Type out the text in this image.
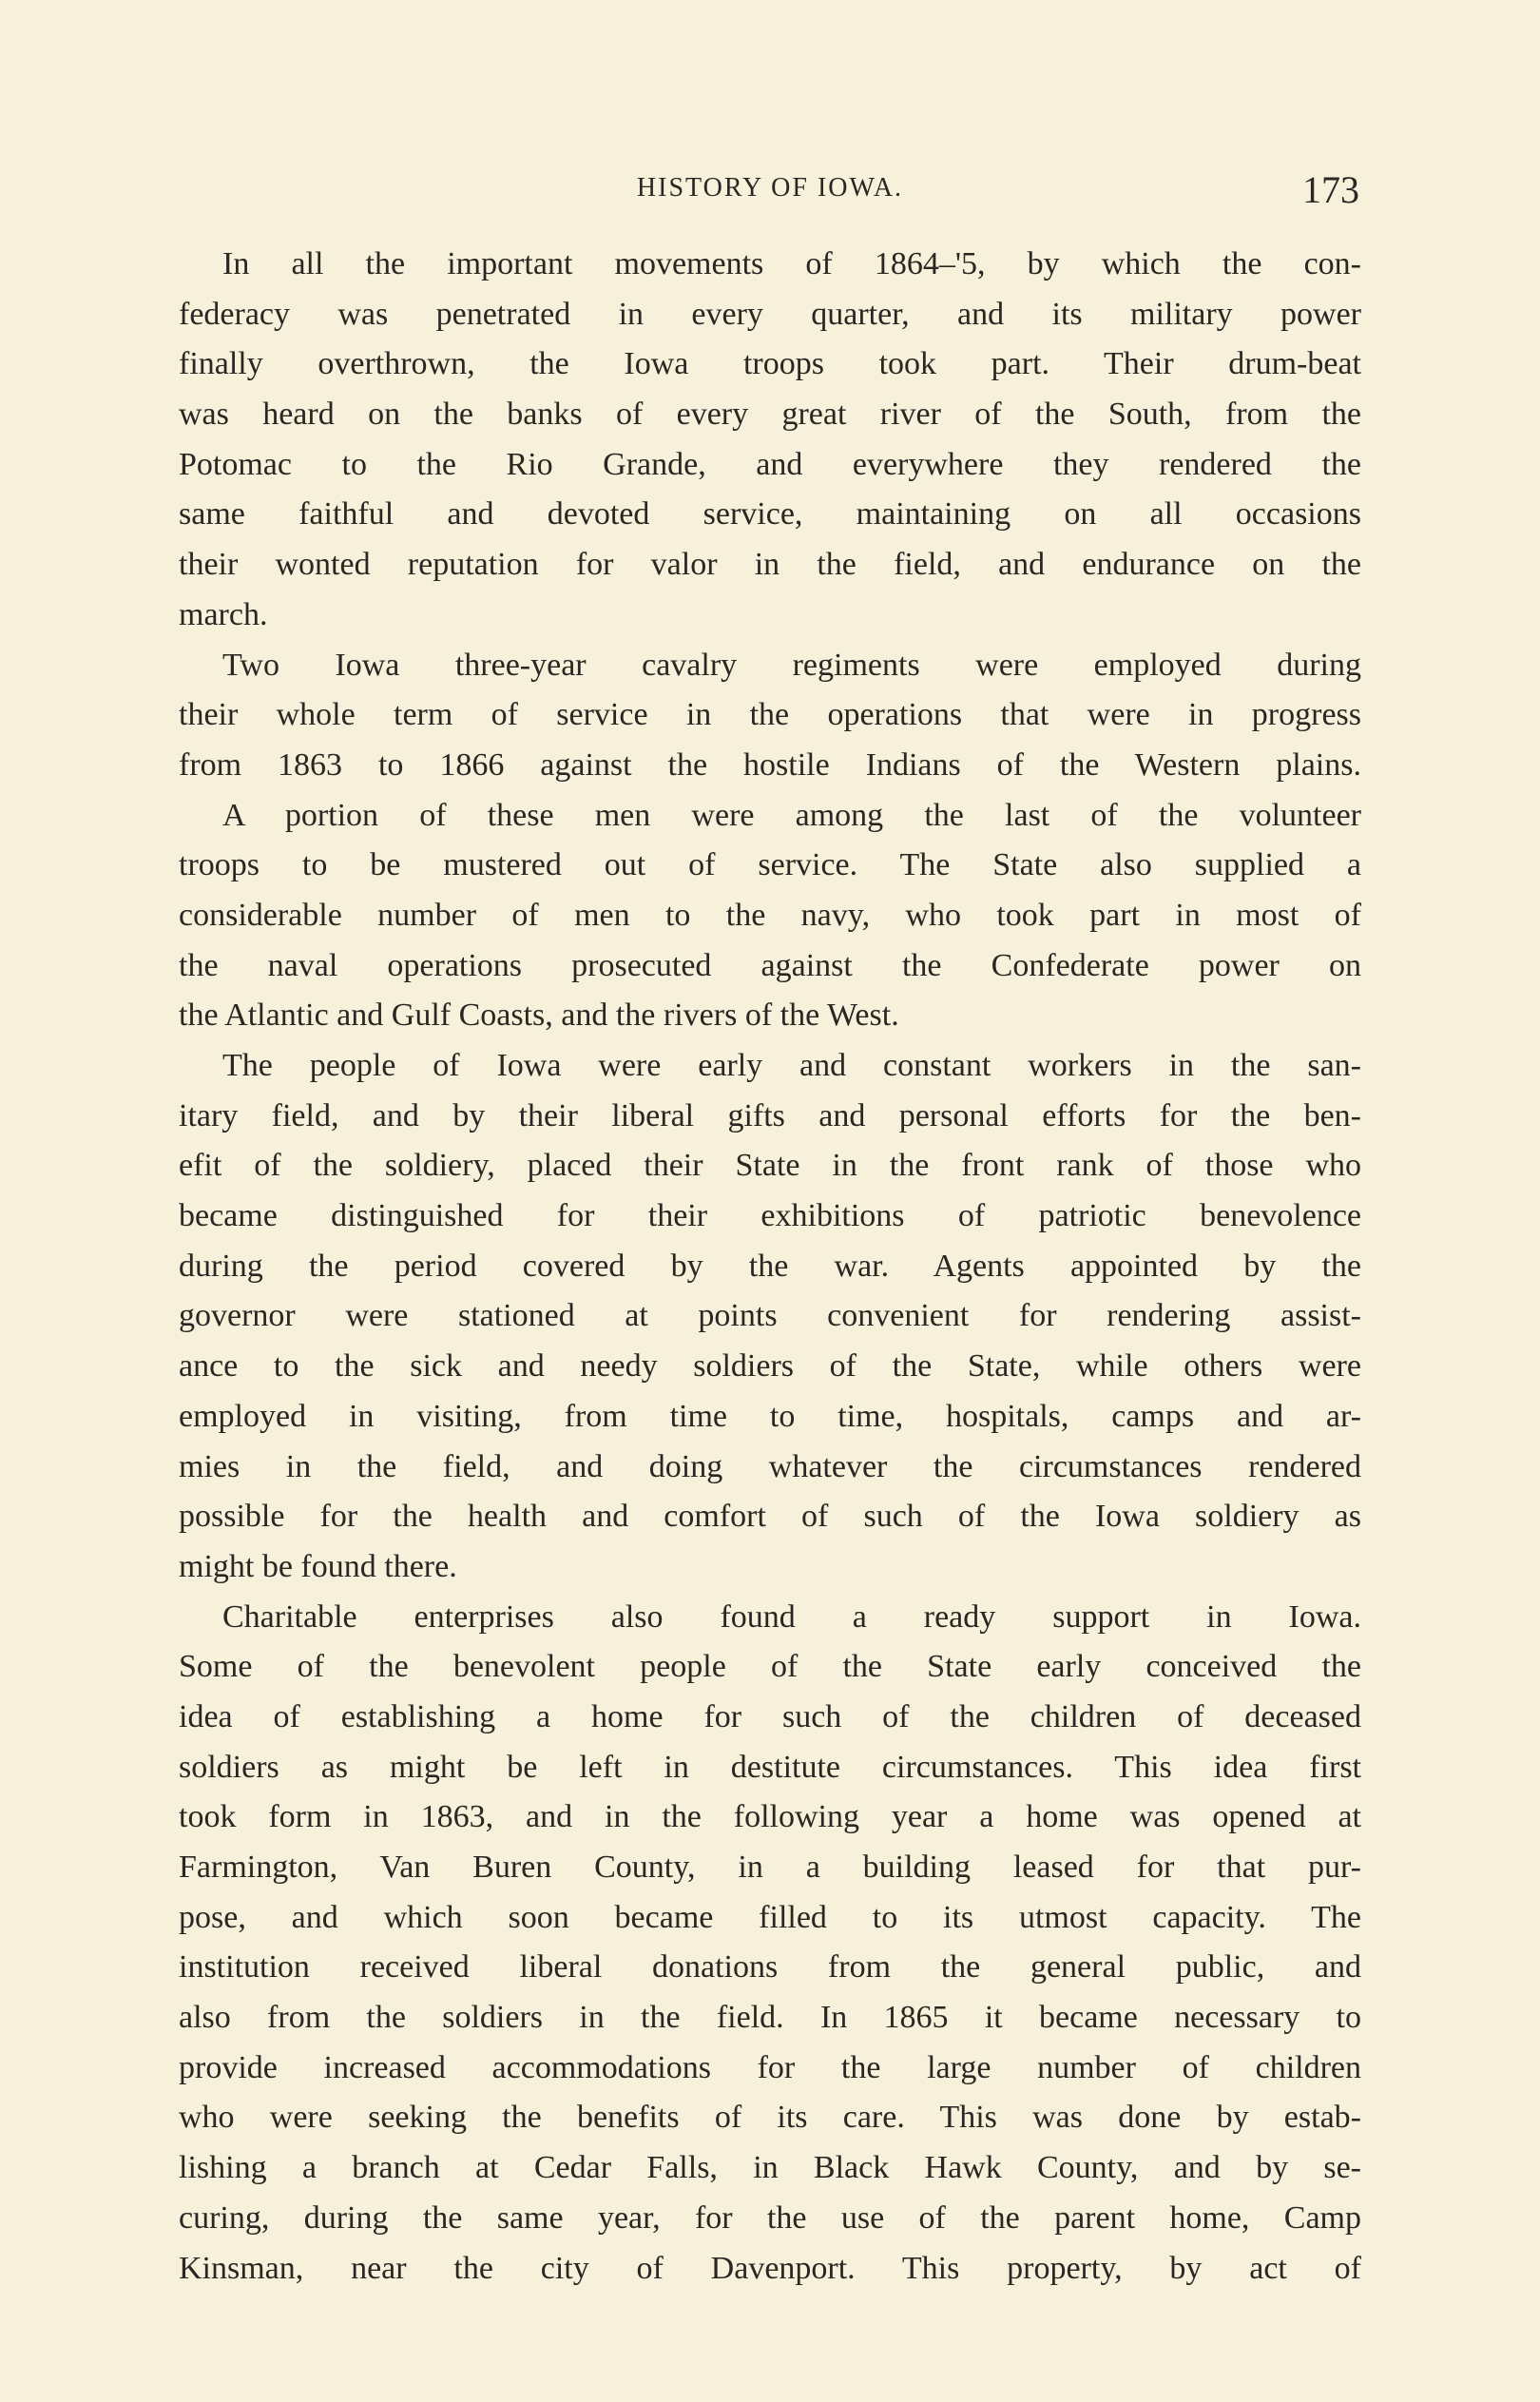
HISTORY OF IOWA.	173
In all the important movements of 1864–'5, by which the con-
federacy was penetrated in every quarter, and its military power
finally overthrown, the Iowa troops took part. Their drum-beat
was heard on the banks of every great river of the South, from the
Potomac to the Rio Grande, and everywhere they rendered the
same faithful and devoted service, maintaining on all occasions
their wonted reputation for valor in the field, and endurance on the
march.
Two Iowa three-year cavalry regiments were employed during
their whole term of service in the operations that were in progress
from 1863 to 1866 against the hostile Indians of the Western plains.
A portion of these men were among the last of the volunteer
troops to be mustered out of service. The State also supplied a
considerable number of men to the navy, who took part in most of
the naval operations prosecuted against the Confederate power on
the Atlantic and Gulf Coasts, and the rivers of the West.
The people of Iowa were early and constant workers in the san-
itary field, and by their liberal gifts and personal efforts for the ben-
efit of the soldiery, placed their State in the front rank of those who
became distinguished for their exhibitions of patriotic benevolence
during the period covered by the war. Agents appointed by the
governor were stationed at points convenient for rendering assist-
ance to the sick and needy soldiers of the State, while others were
employed in visiting, from time to time, hospitals, camps and ar-
mies in the field, and doing whatever the circumstances rendered
possible for the health and comfort of such of the Iowa soldiery as
might be found there.
Charitable enterprises also found a ready support in Iowa.
Some of the benevolent people of the State early conceived the
idea of establishing a home for such of the children of deceased
soldiers as might be left in destitute circumstances. This idea first
took form in 1863, and in the following year a home was opened at
Farmington, Van Buren County, in a building leased for that pur-
pose, and which soon became filled to its utmost capacity. The
institution received liberal donations from the general public, and
also from the soldiers in the field. In 1865 it became necessary to
provide increased accommodations for the large number of children
who were seeking the benefits of its care. This was done by estab-
lishing a branch at Cedar Falls, in Black Hawk County, and by se-
curing, during the same year, for the use of the parent home, Camp
Kinsman, near the city of Davenport. This property, by act of
